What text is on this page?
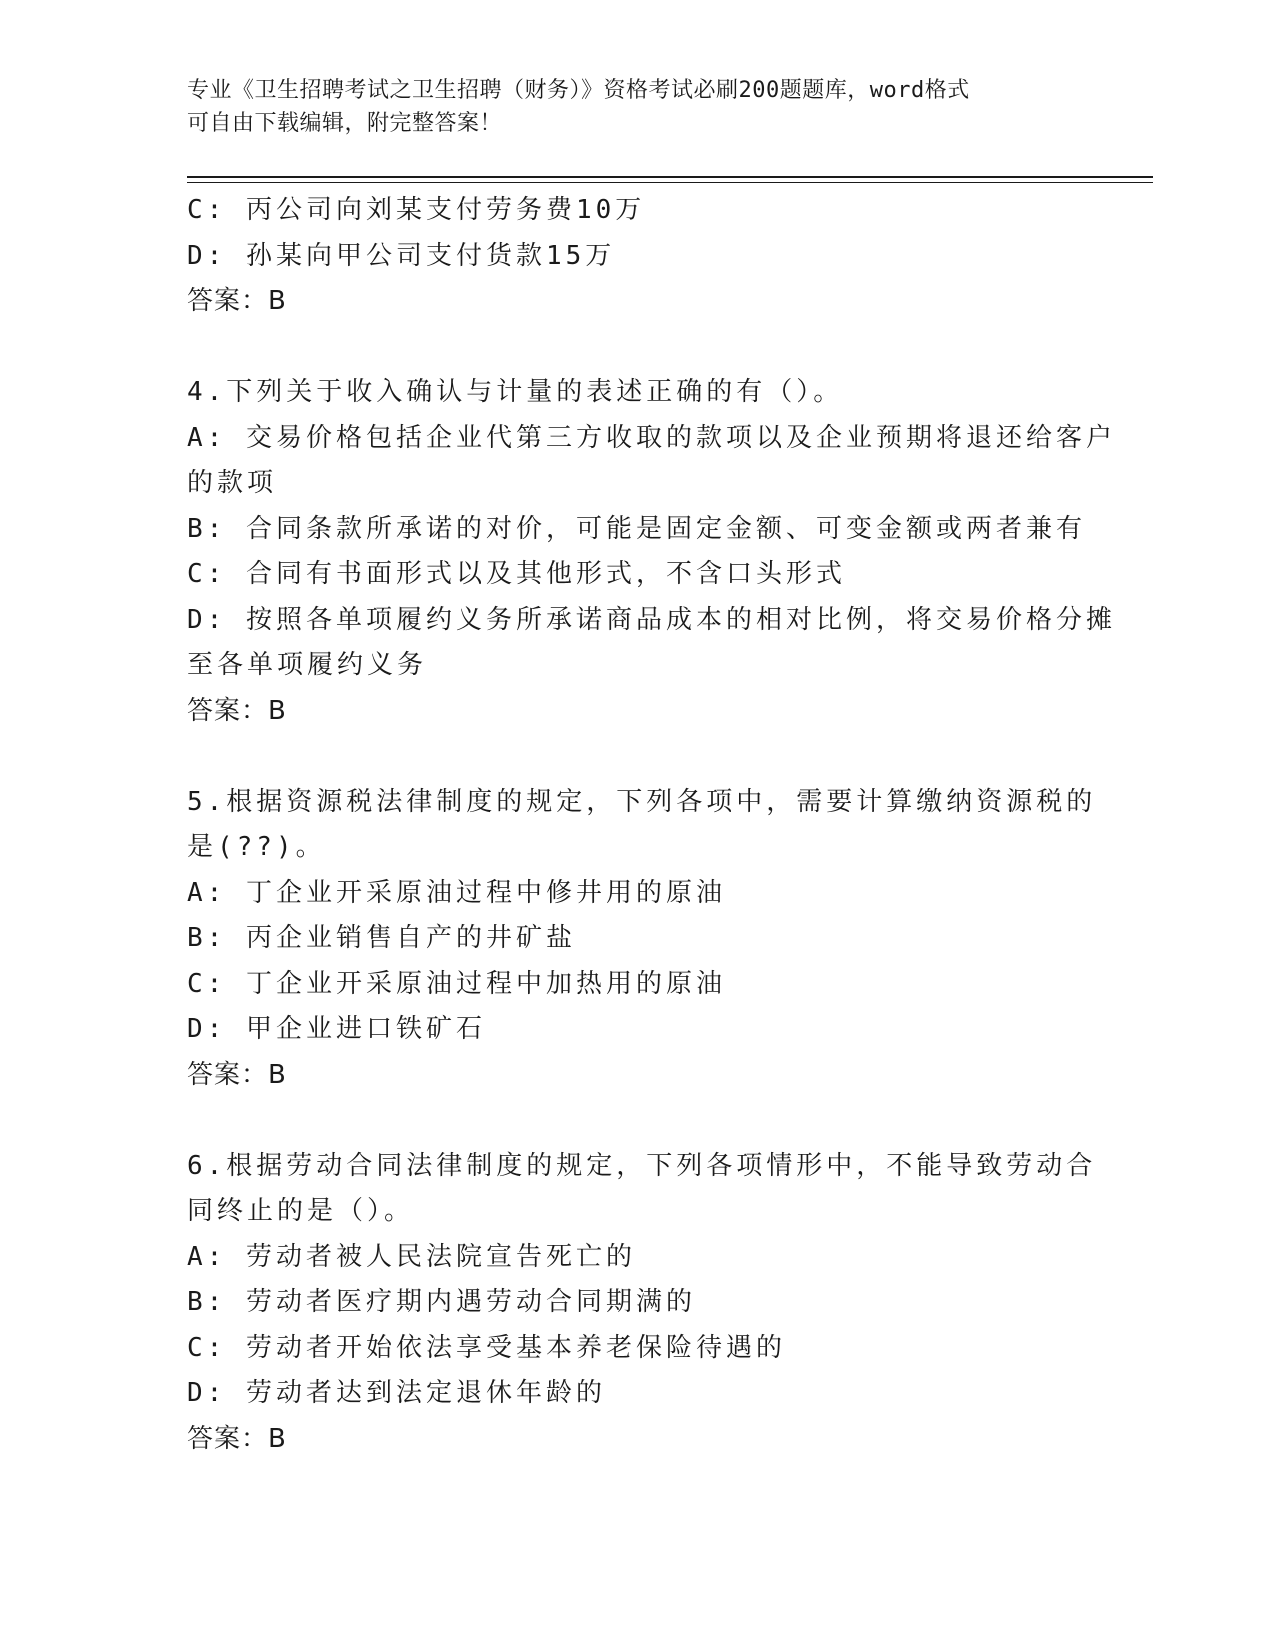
专业《卫生招聘考试之卫生招聘（财务）》资格考试必刷200题题库，word格式
可自由下载编辑，附完整答案！
C: 丙公司向刘某支付劳务费10万
D: 孙某向甲公司支付货款15万
答案：B
4.下列关于收入确认与计量的表述正确的有（）。
A: 交易价格包括企业代第三方收取的款项以及企业预期将退还给客户
的款项
B: 合同条款所承诺的对价，可能是固定金额、可变金额或两者兼有
C: 合同有书面形式以及其他形式，不含口头形式
D: 按照各单项履约义务所承诺商品成本的相对比例，将交易价格分摊
至各单项履约义务
答案：B
5.根据资源税法律制度的规定，下列各项中，需要计算缴纳资源税的
是(??)。
A: 丁企业开采原油过程中修井用的原油
B: 丙企业销售自产的井矿盐
C: 丁企业开采原油过程中加热用的原油
D: 甲企业进口铁矿石
答案：B
6.根据劳动合同法律制度的规定，下列各项情形中，不能导致劳动合
同终止的是（）。
A: 劳动者被人民法院宣告死亡的
B: 劳动者医疗期内遇劳动合同期满的
C: 劳动者开始依法享受基本养老保险待遇的
D: 劳动者达到法定退休年龄的
答案：B
